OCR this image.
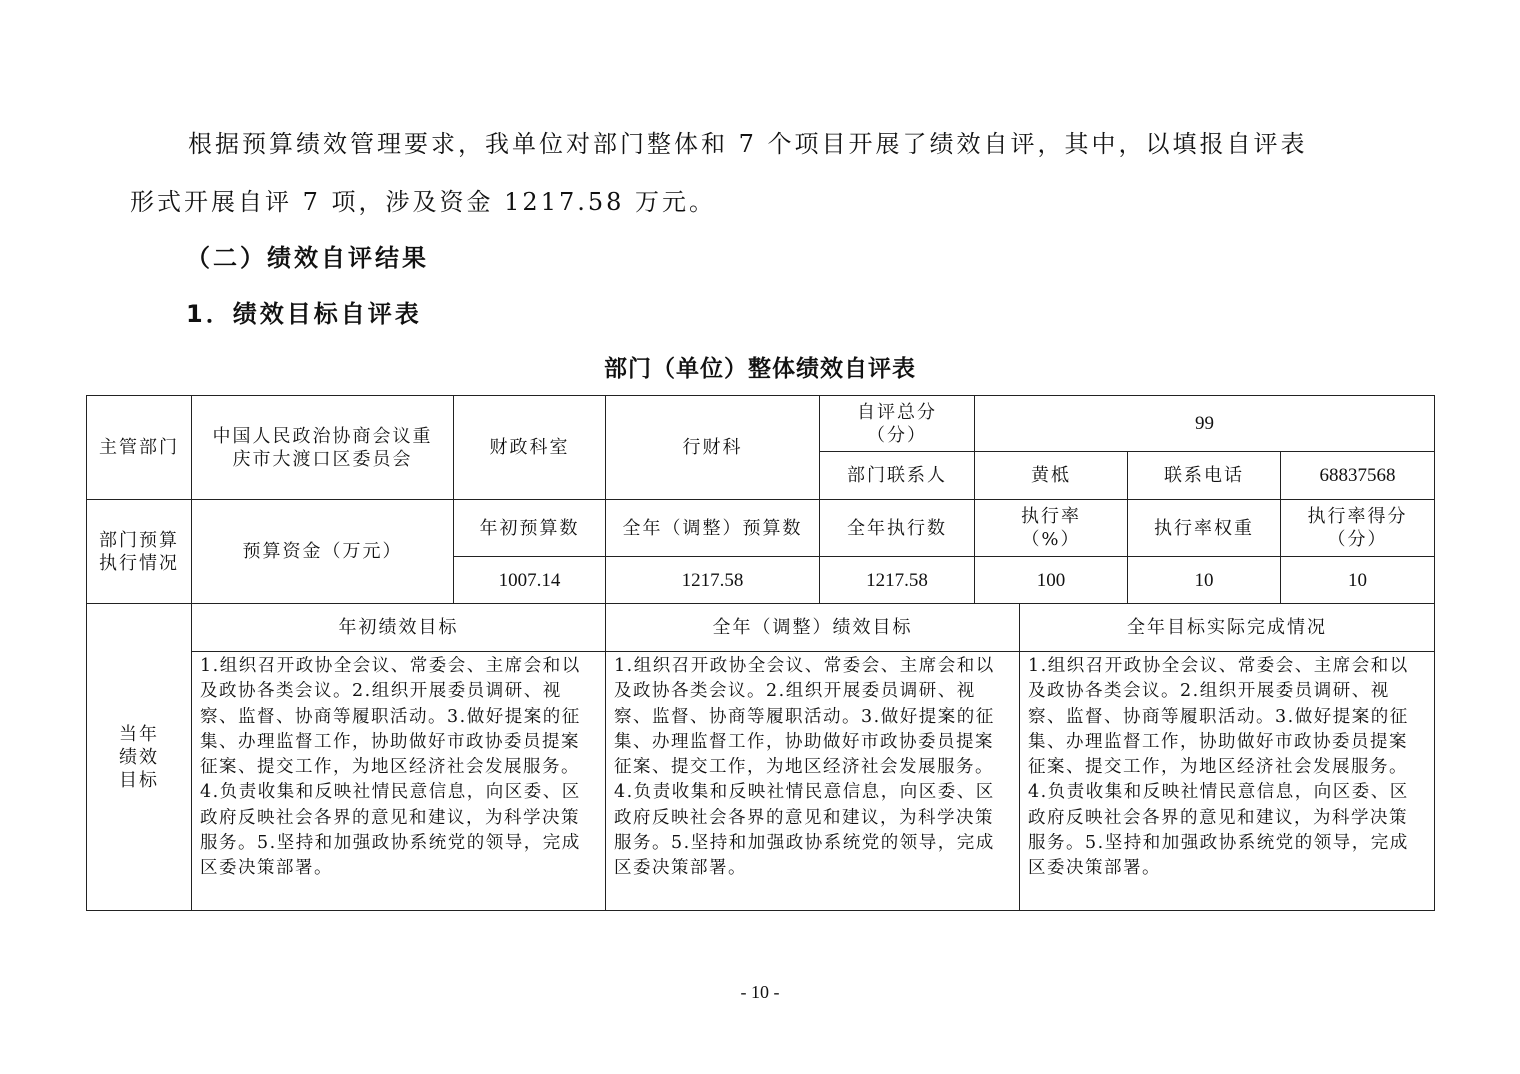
根据预算绩效管理要求，我单位对部门整体和 7 个项目开展了绩效自评，其中，以填报自评表
形式开展自评 7 项，涉及资金 1217.58 万元。
（二）绩效自评结果
1．绩效目标自评表
部门（单位）整体绩效自评表
主管部门	中国人民政治协商会议重庆市大渡口区委员会	财政科室	行财科	自评总分（分）	99			
				部门联系人	黄柢		联系电话	68837568
部门预算执行情况	预算资金（万元）	年初预算数	全年（调整）预算数	全年执行数	执行率（%）		执行率权重	执行率得分（分）
		1007.14	1217.58	1217.58	100		10	10
当年绩效目标	年初绩效目标		全年（调整）绩效目标			全年目标实际完成情况		
	1.组织召开政协全会议、常委会、主席会和以及政协各类会议。2.组织开展委员调研、视察、监督、协商等履职活动。3.做好提案的征集、办理监督工作，协助做好市政协委员提案征案、提交工作，为地区经济社会发展服务。4.负责收集和反映社情民意信息，向区委、区政府反映社会各界的意见和建议，为科学决策服务。5.坚持和加强政协系统党的领导，完成区委决策部署。		1.组织召开政协全会议、常委会、主席会和以及政协各类会议。2.组织开展委员调研、视察、监督、协商等履职活动。3.做好提案的征集、办理监督工作，协助做好市政协委员提案征案、提交工作，为地区经济社会发展服务。4.负责收集和反映社情民意信息，向区委、区政府反映社会各界的意见和建议，为科学决策服务。5.坚持和加强政协系统党的领导，完成区委决策部署。			1.组织召开政协全会议、常委会、主席会和以及政协各类会议。2.组织开展委员调研、视察、监督、协商等履职活动。3.做好提案的征集、办理监督工作，协助做好市政协委员提案征案、提交工作，为地区经济社会发展服务。4.负责收集和反映社情民意信息，向区委、区政府反映社会各界的意见和建议，为科学决策服务。5.坚持和加强政协系统党的领导，完成区委决策部署。		
- 10 -
